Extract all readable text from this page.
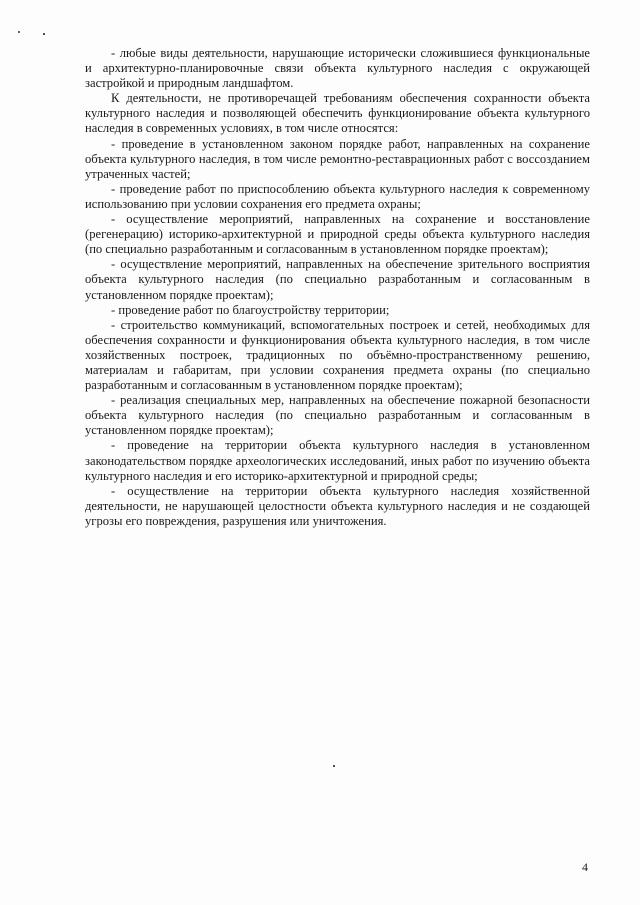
- любые виды деятельности, нарушающие исторически сложившиеся функциональные и архитектурно-планировочные связи объекта культурного наследия с окружающей застройкой и природным ландшафтом.

К деятельности, не противоречащей требованиям обеспечения сохранности объекта культурного наследия и позволяющей обеспечить функционирование объекта культурного наследия в современных условиях, в том числе относятся:

- проведение в установленном законом порядке работ, направленных на сохранение объекта культурного наследия, в том числе ремонтно-реставрационных работ с воссозданием утраченных частей;

- проведение работ по приспособлению объекта культурного наследия к современному использованию при условии сохранения его предмета охраны;

- осуществление мероприятий, направленных на сохранение и восстановление (регенерацию) историко-архитектурной и природной среды объекта культурного наследия (по специально разработанным и согласованным в установленном порядке проектам);

- осуществление мероприятий, направленных на обеспечение зрительного восприятия объекта культурного наследия (по специально разработанным и согласованным в установленном порядке проектам);

- проведение работ по благоустройству территории;

- строительство коммуникаций, вспомогательных построек и сетей, необходимых для обеспечения сохранности и функционирования объекта культурного наследия, в том числе хозяйственных построек, традиционных по объёмно-пространственному решению, материалам и габаритам, при условии сохранения предмета охраны (по специально разработанным и согласованным в установленном порядке проектам);

- реализация специальных мер, направленных на обеспечение пожарной безопасности объекта культурного наследия (по специально разработанным и согласованным в установленном порядке проектам);

- проведение на территории объекта культурного наследия в установленном законодательством порядке археологических исследований, иных работ по изучению объекта культурного наследия и его историко-архитектурной и природной среды;

- осуществление на территории объекта культурного наследия хозяйственной деятельности, не нарушающей целостности объекта культурного наследия и не создающей угрозы его повреждения, разрушения или уничтожения.

4
